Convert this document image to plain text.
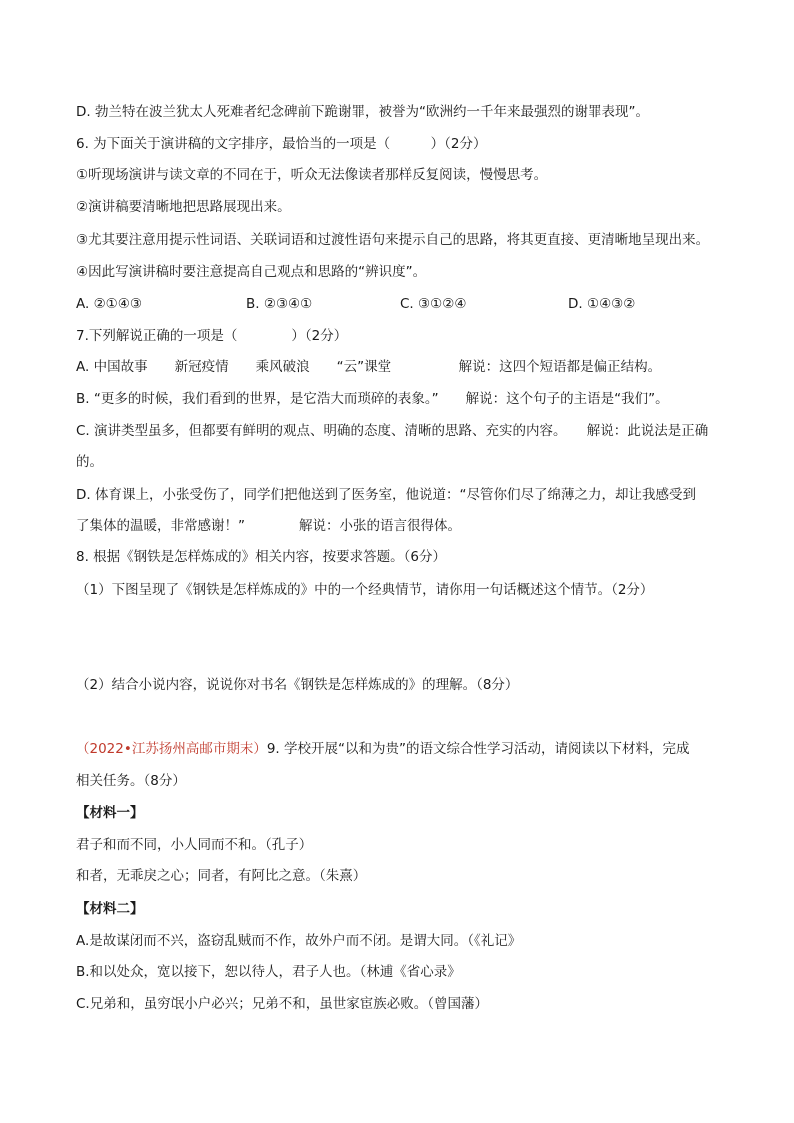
D. 勃兰特在波兰犹太人死难者纪念碑前下跪谢罪，被誉为“欧洲约一千年来最强烈的谢罪表现”。
6. 为下面关于演讲稿的文字排序，最恰当的一项是（　　　）（2分）
①听现场演讲与读文章的不同在于，听众无法像读者那样反复阅读，慢慢思考。
②演讲稿要清晰地把思路展现出来。
③尤其要注意用提示性词语、关联词语和过渡性语句来提示自己的思路，将其更直接、更清晰地呈现出来。
④因此写演讲稿时要注意提高自己观点和思路的“辨识度”。
A. ②①④③	B. ②③④①	C. ③①②④	D. ①④③②
7.下列解说正确的一项是（　　　　）（2分）
A. 中国故事　　新冠疫情　　乘风破浪　　“云”课堂　　　　　解说：这四个短语都是偏正结构。
B. “更多的时候，我们看到的世界，是它浩大而琐碎的表象。”　　解说：这个句子的主语是“我们”。
C. 演讲类型虽多，但都要有鲜明的观点、明确的态度、清晰的思路、充实的内容。　　解说：此说法是正确
的。
D. 体育课上，小张受伤了，同学们把他送到了医务室，他说道：“尽管你们尽了绵薄之力，却让我感受到
了集体的温暖，非常感谢！”　　　　解说：小张的语言很得体。
8. 根据《钢铁是怎样炼成的》相关内容，按要求答题。（6分）
（1）下图呈现了《钢铁是怎样炼成的》中的一个经典情节，请你用一句话概述这个情节。（2分）
（2）结合小说内容，说说你对书名《钢铁是怎样炼成的》的理解。（8分）
（2022•江苏扬州高邮市期末）9. 学校开展“以和为贵”的语文综合性学习活动，请阅读以下材料，完成
相关任务。（8分）
【材料一】
君子和而不同，小人同而不和。（孔子）
和者，无乖戾之心；同者，有阿比之意。（朱熹）
【材料二】
A.是故谋闭而不兴，盗窃乱贼而不作，故外户而不闭。是谓大同。（《礼记》
B.和以处众，宽以接下，恕以待人，君子人也。（林逋《省心录》
C.兄弟和，虽穷氓小户必兴；兄弟不和，虽世家宦族必败。（曾国藩）
